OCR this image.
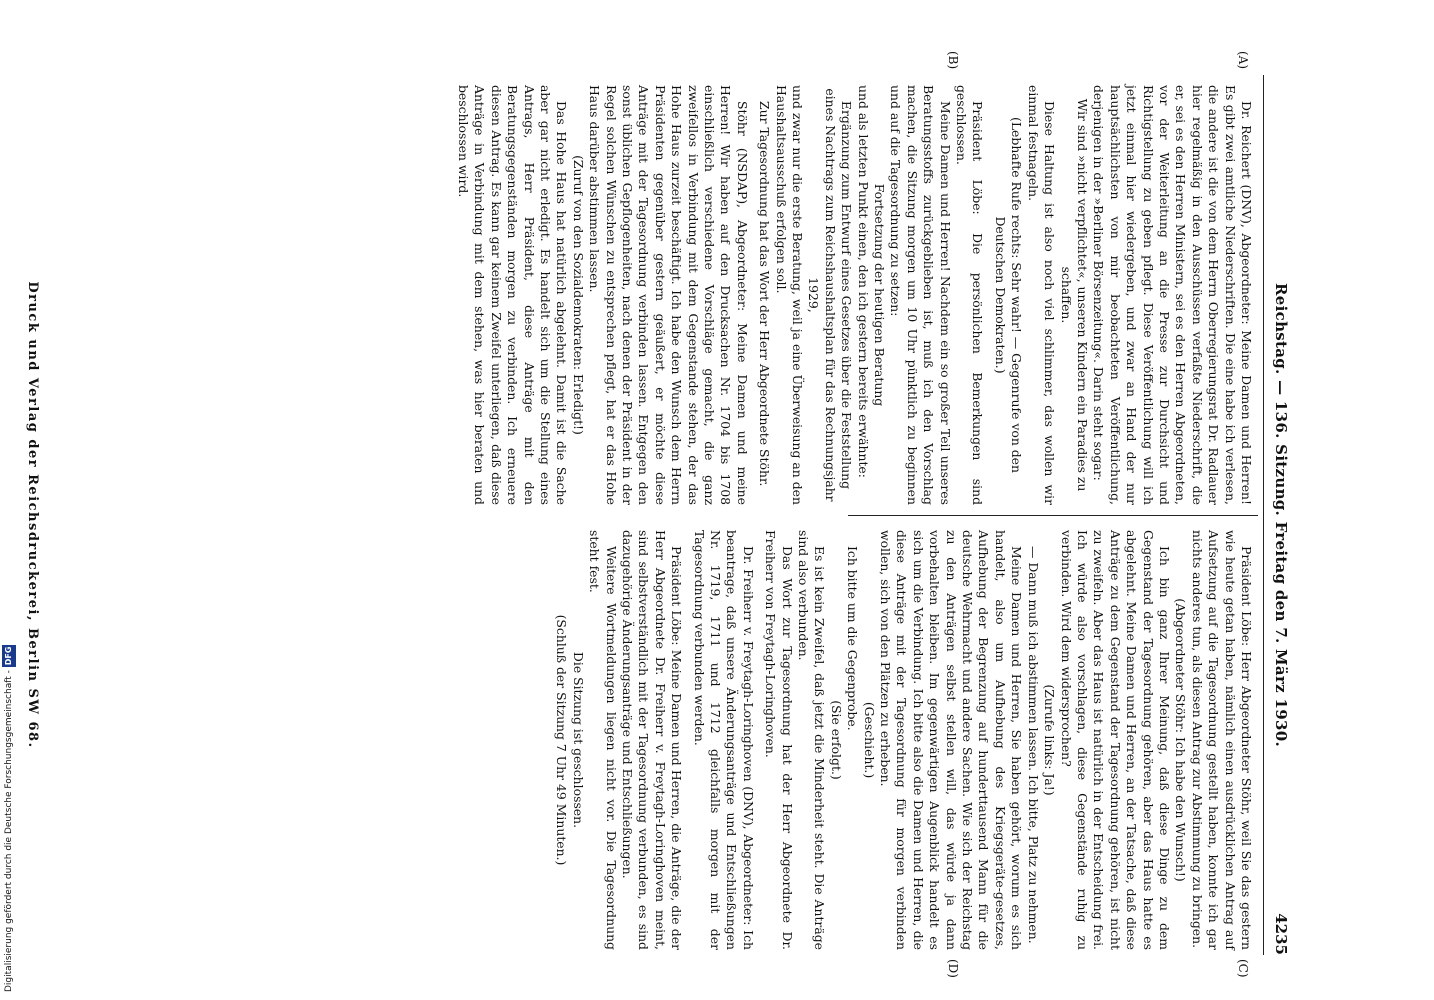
Reichstag. — 136. Sitzung. Freitag den 7. März 1930.
4235
(A)
(B)
(C)
(D)

Dr. Reichert (DNV), Abgeordneter: Meine Damen und Herren! Es gibt zwei amtliche Niederschriften. Die eine habe ich verlesen, die andere ist die von dem Herrn Oberregierungsrat Dr. Radlauer hier regelmäßig in den Ausschüssen verfaßte Niederschrift, die er, sei es den Herren Ministern, sei es den Herren Abgeordneten, vor der Weiterleitung an die Presse zur Durchsicht und Richtigstellung zu geben pflegt. Diese Veröffentlichung will ich jetzt einmal hier wiedergeben, und zwar an Hand der nur hauptsächlichsten von mir beobachteten Veröffentlichung, derjenigen in der »Berliner Börsenzeitung«. Darin steht sogar:

Wir sind »nicht verpflichtet«, unseren Kindern ein Paradies zu schaffen.

Diese Haltung ist also noch viel schlimmer, das wollen wir einmal festnageln.

(Lebhafte Rufe rechts: Sehr wahr! — Gegenrufe von den Deutschen Demokraten.)

Präsident Löbe: Die persönlichen Bemerkungen sind geschlossen.

Meine Damen und Herren! Nachdem ein so großer Teil unseres Beratungsstoffs zurückgeblieben ist, muß ich den Vorschlag machen, die Sitzung morgen um 10 Uhr pünktlich zu beginnen und auf die Tagesordnung zu setzen:

Fortsetzung der heutigen Beratung

und als letzten Punkt einen, den ich gestern bereits erwähnte:

Ergänzung zum Entwurf eines Gesetzes über die Feststellung eines Nachtrags zum Reichshaushaltsplan für das Rechnungsjahr 1929,

und zwar nur die erste Beratung, weil ja eine Überweisung an den Haushaltsausschuß erfolgen soll.

Zur Tagesordnung hat das Wort der Herr Abgeordnete Stöhr.

Stöhr (NSDAP), Abgeordneter: Meine Damen und meine Herren! Wir haben auf den Drucksachen Nr. 1704 bis 1708 einschließlich verschiedene Vorschläge gemacht, die ganz zweifellos in Verbindung mit dem Gegenstande stehen, der das Hohe Haus zurzeit beschäftigt. Ich habe den Wunsch dem Herrn Präsidenten gegenüber gestern geäußert, er möchte diese Anträge mit der Tagesordnung verbinden lassen. Entgegen den sonst üblichen Gepflogenheiten, nach denen der Präsident in der Regel solchen Wünschen zu entsprechen pflegt, hat er das Hohe Haus darüber abstimmen lassen.

(Zuruf von den Sozialdemokraten: Erledigt!)

Das Hohe Haus hat natürlich abgelehnt. Damit ist die Sache aber gar nicht erledigt. Es handelt sich um die Stellung eines Antrags, Herr Präsident, diese Anträge mit den Beratungsgegenständen morgen zu verbinden. Ich erneuere diesen Antrag. Es kann gar keinem Zweifel unterliegen, daß diese Anträge in Verbindung mit dem stehen, was hier beraten und beschlossen wird.

Präsident Löbe: Herr Abgeordneter Stöhr, weil Sie das gestern wie heute getan haben, nämlich einen ausdrücklichen Antrag auf Aufsetzung auf die Tagesordnung gestellt haben, konnte ich gar nichts anderes tun, als diesen Antrag zur Abstimmung zu bringen.

(Abgeordneter Stöhr: Ich habe den Wunsch!)

Ich bin ganz Ihrer Meinung, daß diese Dinge zu dem Gegenstand der Tagesordnung gehören, aber das Haus hatte es abgelehnt. Meine Damen und Herren, an der Tatsache, daß diese Anträge zu dem Gegenstand der Tagesordnung gehören, ist nicht zu zweifeln. Aber das Haus ist natürlich in der Entscheidung frei. Ich würde also vorschlagen, diese Gegenstände ruhig zu verbinden. Wird dem widersprochen?

(Zurufe links: Ja!)

— Dann muß ich abstimmen lassen. Ich bitte, Platz zu nehmen.

Meine Damen und Herren, Sie haben gehört, worum es sich handelt, also um Aufhebung des Kriegsgeräte-gesetzes, Aufhebung der Begrenzung auf hunderttausend Mann für die deutsche Wehrmacht und andere Sachen. Wie sich der Reichstag zu den Anträgen selbst stellen will, das würde ja dann vorbehalten bleiben. Im gegenwärtigen Augenblick handelt es sich um die Verbindung. Ich bitte also die Damen und Herren, die diese Anträge mit der Tagesordnung für morgen verbinden wollen, sich von den Plätzen zu erheben.

(Geschieht.)

Ich bitte um die Gegenprobe.

(Sie erfolgt.)

Es ist kein Zweifel, daß jetzt die Minderheit steht. Die Anträge sind also verbunden.

Das Wort zur Tagesordnung hat der Herr Abgeordnete Dr. Freiherr von Freytagh-Loringhoven.

Dr. Freiherr v. Freytagh-Loringhoven (DNV), Abgeordneter: Ich beantrage, daß unsere Änderungsanträge und Entschließungen Nr. 1719, 1711 und 1712 gleichfalls morgen mit der Tagesordnung verbunden werden.

Präsident Löbe: Meine Damen und Herren, die Anträge, die der Herr Abgeordnete Dr. Freiherr v. Freytagh-Loringhoven meint, sind selbstverständlich mit der Tagesordnung verbunden, es sind dazugehörige Änderungsanträge und Entschließungen.

Weitere Wortmeldungen liegen nicht vor. Die Tagesordnung steht fest.

Die Sitzung ist geschlossen.

(Schluß der Sitzung 7 Uhr 49 Minuten.)

Druck und Verlag der Reichsdruckerei, Berlin SW 68.
Digitalisierung gefördert durch die Deutsche Forschungsgemeinschaft - DFG
